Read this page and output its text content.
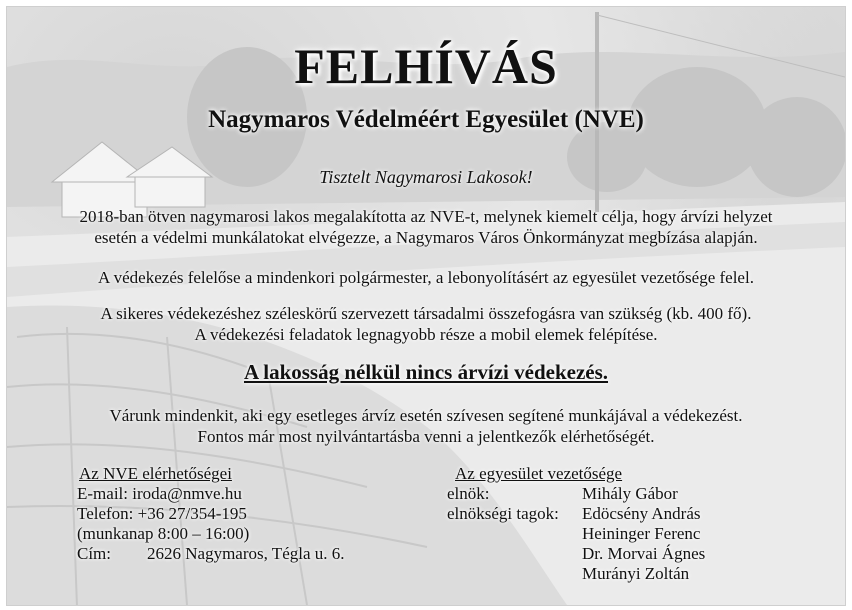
FELHÍVÁS
Nagymaros Védelméért Egyesület (NVE)
Tisztelt Nagymarosi Lakosok!
2018-ban ötven nagymarosi lakos megalakította az NVE-t, melynek kiemelt célja, hogy árvízi helyzet
esetén a védelmi munkálatokat elvégezze, a Nagymaros Város Önkormányzat megbízása alapján.
A védekezés felelőse a mindenkori polgármester, a lebonyolításért az egyesület vezetősége felel.
A sikeres védekezéshez széleskörű szervezett társadalmi összefogásra van szükség (kb. 400 fő).
A védekezési feladatok legnagyobb része a mobil elemek felépítése.
A lakosság nélkül nincs árvízi védekezés.
Várunk mindenkit, aki egy esetleges árvíz esetén szívesen segítené munkájával a védekezést.
Fontos már most nyilvántartásba venni a jelentkezők elérhetőségét.
Az NVE elérhetőségei
E-mail: iroda@nmve.hu
Telefon: +36 27/354-195
(munkanap 8:00 – 16:00)
Cím:	2626 Nagymaros, Tégla u. 6.
Az egyesület vezetősége
elnök:	Mihály Gábor
elnökségi tagok:	Edöcsény András
Heininger Ferenc
Dr. Morvai Ágnes
Murányi Zoltán
